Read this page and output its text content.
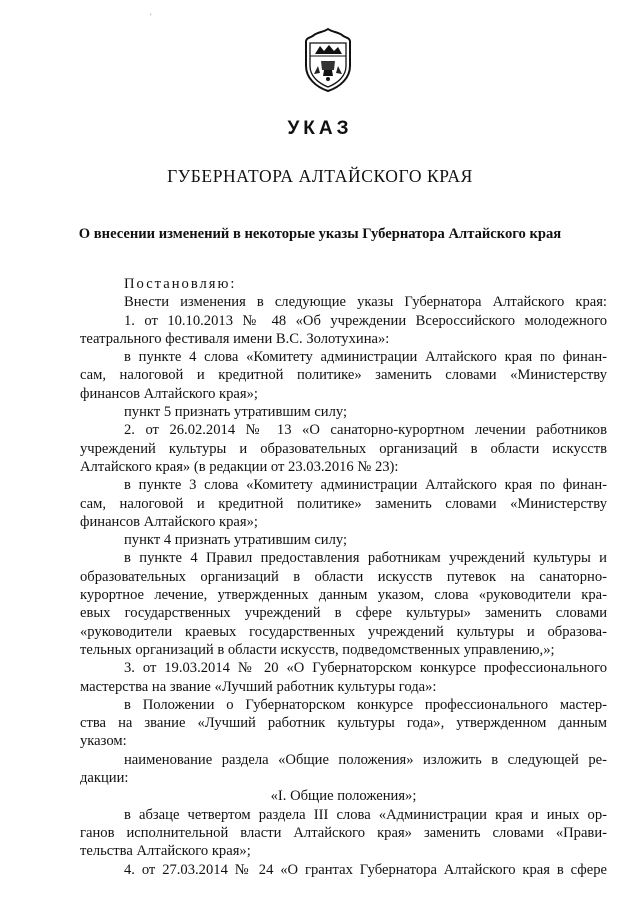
'
УКАЗ
ГУБЕРНАТОРА АЛТАЙСКОГО КРАЯ
О внесении изменений в некоторые указы Губернатора Алтайского края
Постановляю:
Внести изменения в следующие указы Губернатора Алтайского края:
1. от 10.10.2013 № 48 «Об учреждении Всероссийского молодежного
театрального фестиваля имени В.С. Золотухина»:
в пункте 4 слова «Комитету администрации Алтайского края по финан-
сам, налоговой и кредитной политике» заменить словами «Министерству
финансов Алтайского края»;
пункт 5 признать утратившим силу;
2. от 26.02.2014 № 13 «О санаторно-курортном лечении работников
учреждений культуры и образовательных организаций в области искусств
Алтайского края» (в редакции от 23.03.2016 № 23):
в пункте 3 слова «Комитету администрации Алтайского края по финан-
сам, налоговой и кредитной политике» заменить словами «Министерству
финансов Алтайского края»;
пункт 4 признать утратившим силу;
в пункте 4 Правил предоставления работникам учреждений культуры и
образовательных организаций в области искусств путевок на санаторно-
курортное лечение, утвержденных данным указом, слова «руководители кра-
евых государственных учреждений в сфере культуры» заменить словами
«руководители краевых государственных учреждений культуры и образова-
тельных организаций в области искусств, подведомственных управлению,»;
3. от 19.03.2014 № 20 «О Губернаторском конкурсе профессионального
мастерства на звание «Лучший работник культуры года»:
в Положении о Губернаторском конкурсе профессионального мастер-
ства на звание «Лучший работник культуры года», утвержденном данным
указом:
наименование раздела «Общие положения» изложить в следующей ре-
дакции:
«I. Общие положения»;
в абзаце четвертом раздела III слова «Администрации края и иных ор-
ганов исполнительной власти Алтайского края» заменить словами «Прави-
тельства Алтайского края»;
4. от 27.03.2014 № 24 «О грантах Губернатора Алтайского края в сфере
